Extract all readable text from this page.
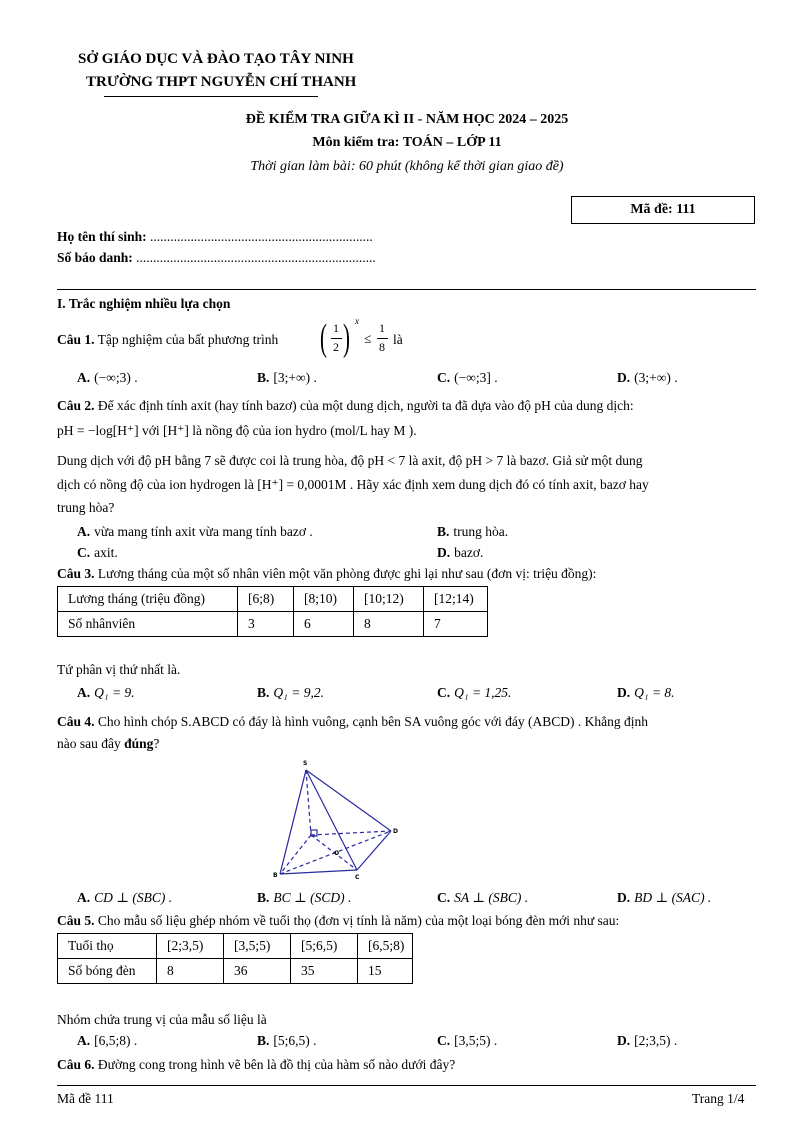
SỞ GIÁO DỤC VÀ ĐÀO TẠO TÂY NINH
TRƯỜNG THPT NGUYỄN CHÍ THANH
ĐỀ KIỂM TRA GIỮA KÌ II - NĂM HỌC 2024 – 2025
Môn kiểm tra: TOÁN – LỚP 11
Thời gian làm bài: 60 phút (không kể thời gian giao đề)
Mã đề: 111
Họ tên thí sinh: ..................................................................
Số báo danh: .......................................................................
I. Trắc nghiệm nhiều lựa chọn
Câu 1. Tập nghiệm của bất phương trình ( 1
2 ) x
≤
1
8 là
A. (−∞;3) .	B. [3;+∞) .	C. (−∞;3] .	D. (3;+∞) .
Câu 2. Để xác định tính axit (hay tính bazơ) của một dung dịch, người ta đã dựa vào độ pH của dung dịch:
pH = −log[H⁺] với [H⁺] là nồng độ của ion hydro (mol/L hay M ).
Dung dịch với độ pH bằng 7 sẽ được coi là trung hòa, độ pH < 7 là axit, độ pH > 7 là bazơ. Giả sử một dung
dịch có nồng độ của ion hydrogen là [H⁺] = 0,0001M . Hãy xác định xem dung dịch đó có tính axit, bazơ hay
trung hòa?
A. vừa mang tính axit vừa mang tính bazơ .	B. trung hòa.
C. axit.	D. bazơ.
Câu 3. Lương tháng của một số nhân viên một văn phòng được ghi lại như sau (đơn vị: triệu đồng):
Lương tháng (triệu đồng)	[6;8)	[8;10)	[10;12)	[12;14)
Số nhânviên	3	6	8	7
Tứ phân vị thứ nhất là.
A. Q₁ = 9.	B. Q₁ = 9,2.	C. Q₁ = 1,25.	D. Q₁ = 8.
Câu 4. Cho hình chóp S.ABCD có đáy là hình vuông, cạnh bên SA vuông góc với đáy (ABCD) . Khẳng định
nào sau đây đúng?
S
B	C
D
O
A. CD ⊥ (SBC) .	B. BC ⊥ (SCD) .	C. SA ⊥ (SBC) .	D. BD ⊥ (SAC) .
Câu 5. Cho mẫu số liệu ghép nhóm về tuổi thọ (đơn vị tính là năm) của một loại bóng đèn mới như sau:
Tuổi thọ	[2;3,5)	[3,5;5)	[5;6,5)	[6,5;8)
Số bóng đèn	8	36	35	15
Nhóm chứa trung vị của mẫu số liệu là
A. [6,5;8) .	B. [5;6,5) .	C. [3,5;5) .	D. [2;3,5) .
Câu 6. Đường cong trong hình vẽ bên là đồ thị của hàm số nào dưới đây?
Mã đề 111	Trang 1/4
